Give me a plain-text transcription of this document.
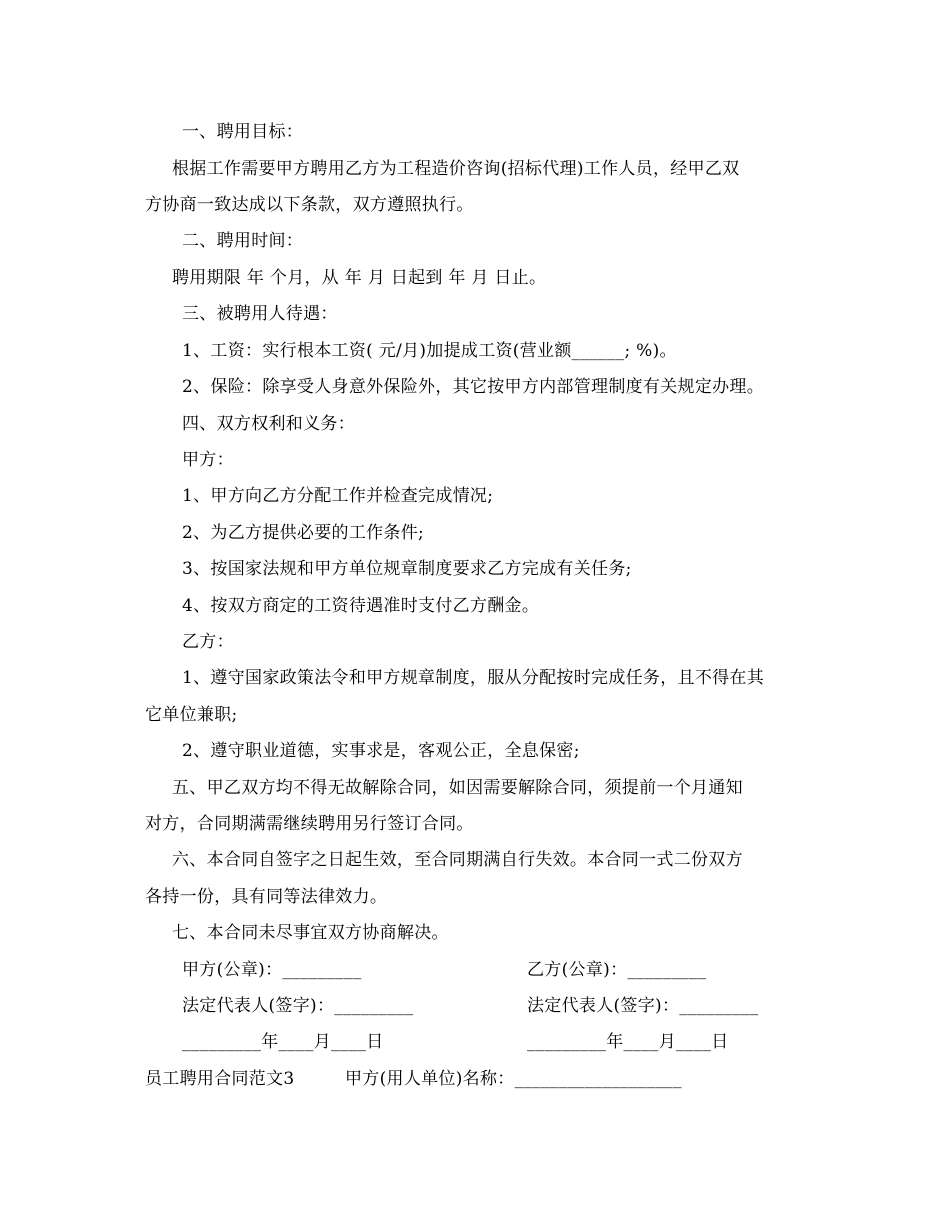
一、聘用目标：
根据工作需要甲方聘用乙方为工程造价咨询(招标代理)工作人员，经甲乙双
方协商一致达成以下条款，双方遵照执行。
二、聘用时间：
聘用期限 年 个月，从 年 月 日起到 年 月 日止。
三、被聘用人待遇：
1、工资：实行根本工资( 元/月)加提成工资(营业额______; %)。
2、保险：除享受人身意外保险外，其它按甲方内部管理制度有关规定办理。
四、双方权利和义务：
甲方：
1、甲方向乙方分配工作并检查完成情况;
2、为乙方提供必要的工作条件;
3、按国家法规和甲方单位规章制度要求乙方完成有关任务;
4、按双方商定的工资待遇准时支付乙方酬金。
乙方：
1、遵守国家政策法令和甲方规章制度，服从分配按时完成任务，且不得在其
它单位兼职;
2、遵守职业道德，实事求是，客观公正，全息保密;
五、甲乙双方均不得无故解除合同，如因需要解除合同，须提前一个月通知
对方，合同期满需继续聘用另行签订合同。
六、本合同自签字之日起生效，至合同期满自行失效。本合同一式二份双方
各持一份，具有同等法律效力。
七、本合同未尽事宜双方协商解决。
甲方(公章)：_________	乙方(公章)：_________
法定代表人(签字)：_________	法定代表人(签字)：_________
_________年____月____日	_________年____月____日
员工聘用合同范文3	甲方(用人单位)名称：___________________
